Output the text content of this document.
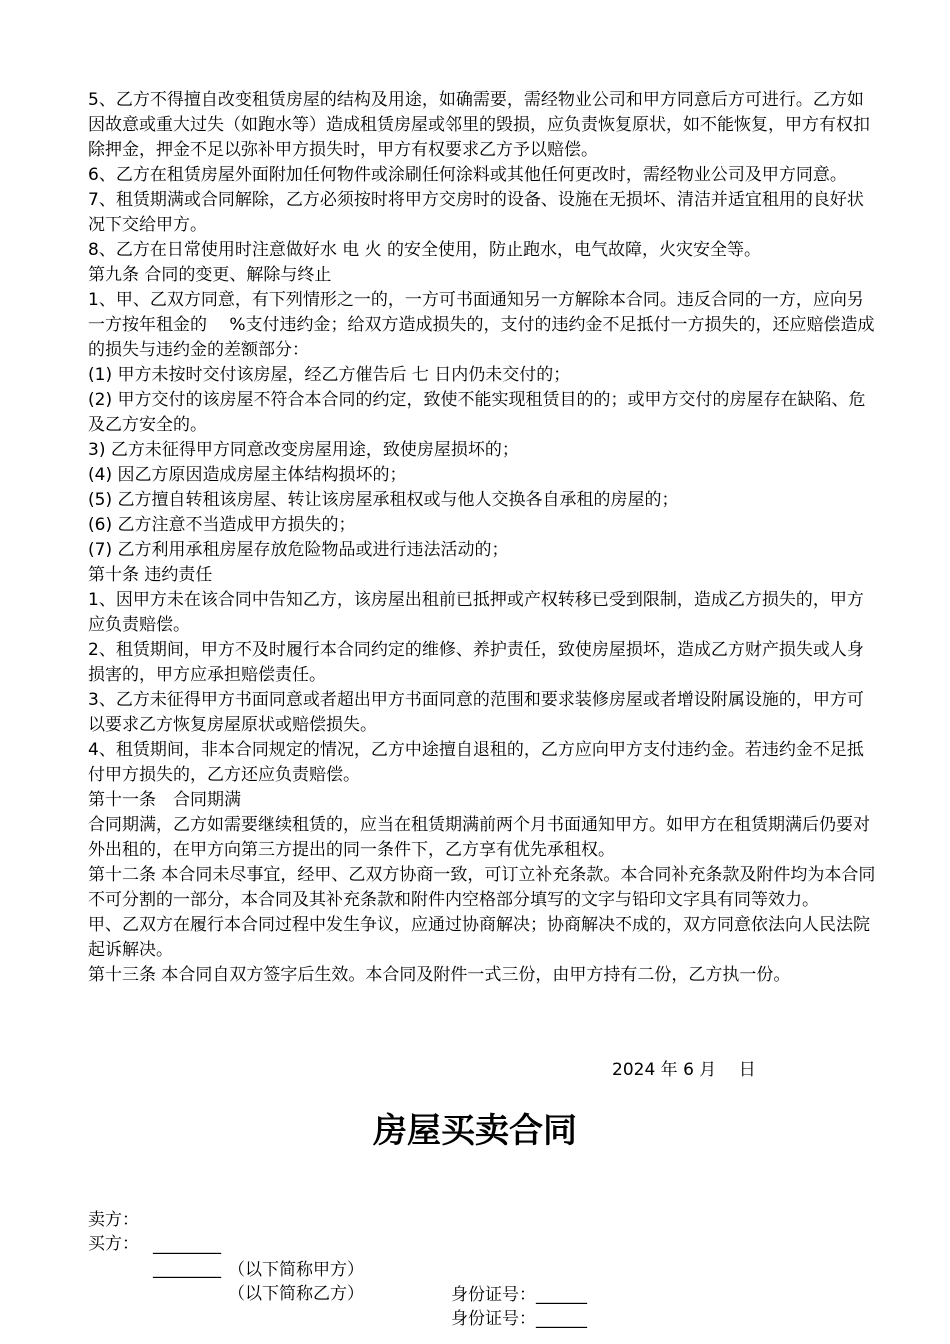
5、乙方不得擅自改变租赁房屋的结构及用途，如确需要，需经物业公司和甲方同意后方可进行。乙方如因故意或重大过失（如跑水等）造成租赁房屋或邻里的毁损，应负责恢复原状，如不能恢复，甲方有权扣除押金，押金不足以弥补甲方损失时，甲方有权要求乙方予以赔偿。

6、乙方在租赁房屋外面附加任何物件或涂刷任何涂料或其他任何更改时，需经物业公司及甲方同意。

7、租赁期满或合同解除，乙方必须按时将甲方交房时的设备、设施在无损坏、清洁并适宜租用的良好状况下交给甲方。

8、乙方在日常使用时注意做好水 电 火 的安全使用，防止跑水，电气故障，火灾安全等。

第九条 合同的变更、解除与终止

1、甲、乙双方同意，有下列情形之一的，一方可书面通知另一方解除本合同。违反合同的一方，应向另一方按年租金的　 %支付违约金；给双方造成损失的，支付的违约金不足抵付一方损失的，还应赔偿造成的损失与违约金的差额部分：

(1) 甲方未按时交付该房屋，经乙方催告后 七 日内仍未交付的；

(2) 甲方交付的该房屋不符合本合同的约定，致使不能实现租赁目的的；或甲方交付的房屋存在缺陷、危及乙方安全的。

3) 乙方未征得甲方同意改变房屋用途，致使房屋损坏的；

(4) 因乙方原因造成房屋主体结构损坏的；

(5) 乙方擅自转租该房屋、转让该房屋承租权或与他人交换各自承租的房屋的；

(6) 乙方注意不当造成甲方损失的；

(7) 乙方利用承租房屋存放危险物品或进行违法活动的；

第十条 违约责任

1、因甲方未在该合同中告知乙方，该房屋出租前已抵押或产权转移已受到限制，造成乙方损失的，甲方应负责赔偿。

2、租赁期间，甲方不及时履行本合同约定的维修、养护责任，致使房屋损坏，造成乙方财产损失或人身损害的，甲方应承担赔偿责任。

3、乙方未征得甲方书面同意或者超出甲方书面同意的范围和要求装修房屋或者增设附属设施的，甲方可以要求乙方恢复房屋原状或赔偿损失。

4、租赁期间，非本合同规定的情况，乙方中途擅自退租的，乙方应向甲方支付违约金。若违约金不足抵付甲方损失的，乙方还应负责赔偿。

第十一条　合同期满

合同期满，乙方如需要继续租赁的，应当在租赁期满前两个月书面通知甲方。如甲方在租赁期满后仍要对外出租的，在甲方向第三方提出的同一条件下，乙方享有优先承租权。

第十二条 本合同未尽事宜，经甲、乙双方协商一致，可订立补充条款。本合同补充条款及附件均为本合同不可分割的一部分，本合同及其补充条款和附件内空格部分填写的文字与铅印文字具有同等效力。

甲、乙双方在履行本合同过程中发生争议，应通过协商解决；协商解决不成的，双方同意依法向人民法院起诉解决。

第十三条 本合同自双方签字后生效。本合同及附件一式三份，由甲方持有二份，乙方执一份。

2024 年 6 月　 日
房屋买卖合同

卖方：

________

（以下简称甲方）

身份证号：______

买方：

________

（以下简称乙方）

身份证号：______
